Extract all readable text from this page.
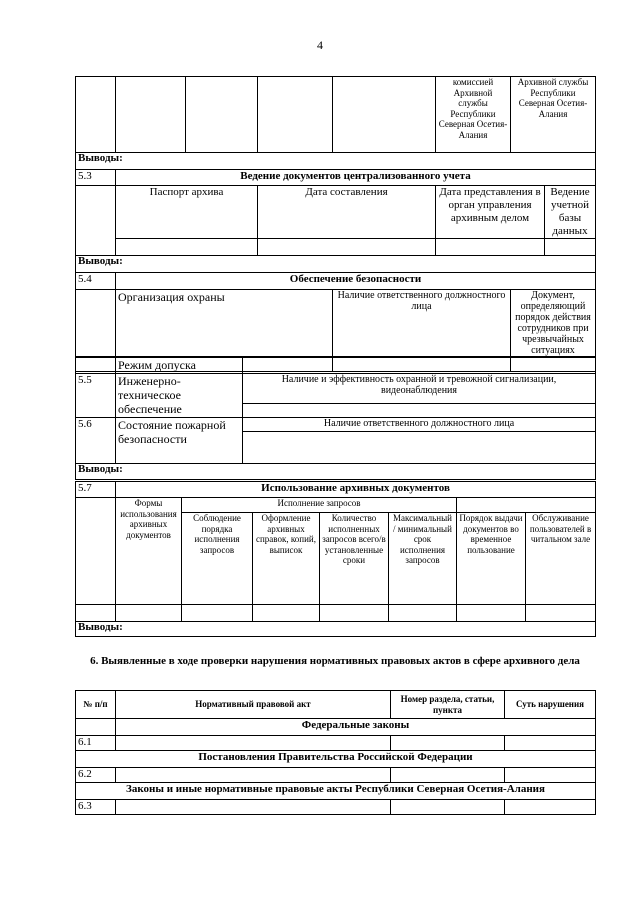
4
					комиссией Архивной службы Республики Северная Осетия-Алания	Архивной службы Республики Северная Осетия-Алания	
Выводы:							
5.3	Ведение документов централизованного учета						
	Паспорт архива		Дата составления		Дата представления в орган управления архивным делом		Ведение учетной базы данных

Выводы:							
5.4	Обеспечение безопасности						
	Организация охраны			Наличие ответственного должностного лица		Документ, определяющий порядок действия сотрудников при чрезвычайных ситуациях	

	Режим допуска	
5.5	Инженерно-техническое обеспечение	Наличие и эффективность охранной и тревожной сигнализации, видеонаблюдения

5.6	Состояние пожарной безопасности	Наличие ответственного должностного лица

Выводы:		
5.7	Использование архивных документов						
	Формы использования архивных документов	Исполнение запросов					
		Соблюдение порядка исполнения запросов	Оформление архивных справок, копий, выписок	Количество исполненных запросов всего/в установленные сроки	Максимальный / минимальный срок исполнения запросов	Порядок выдачи документов во временное пользование	Обслуживание пользователей в читальном зале

Выводы:							
6. Выявленные в ходе проверки нарушения нормативных правовых актов в сфере архивного дела
№ п/п	Нормативный правовой акт	Номер раздела, статьи, пункта	Суть нарушения
	Федеральные законы		
6.1			
Постановления Правительства Российской Федерации			
6.2			
Законы и иные нормативные правовые акты Республики Северная Осетия-Алания			
6.3			
